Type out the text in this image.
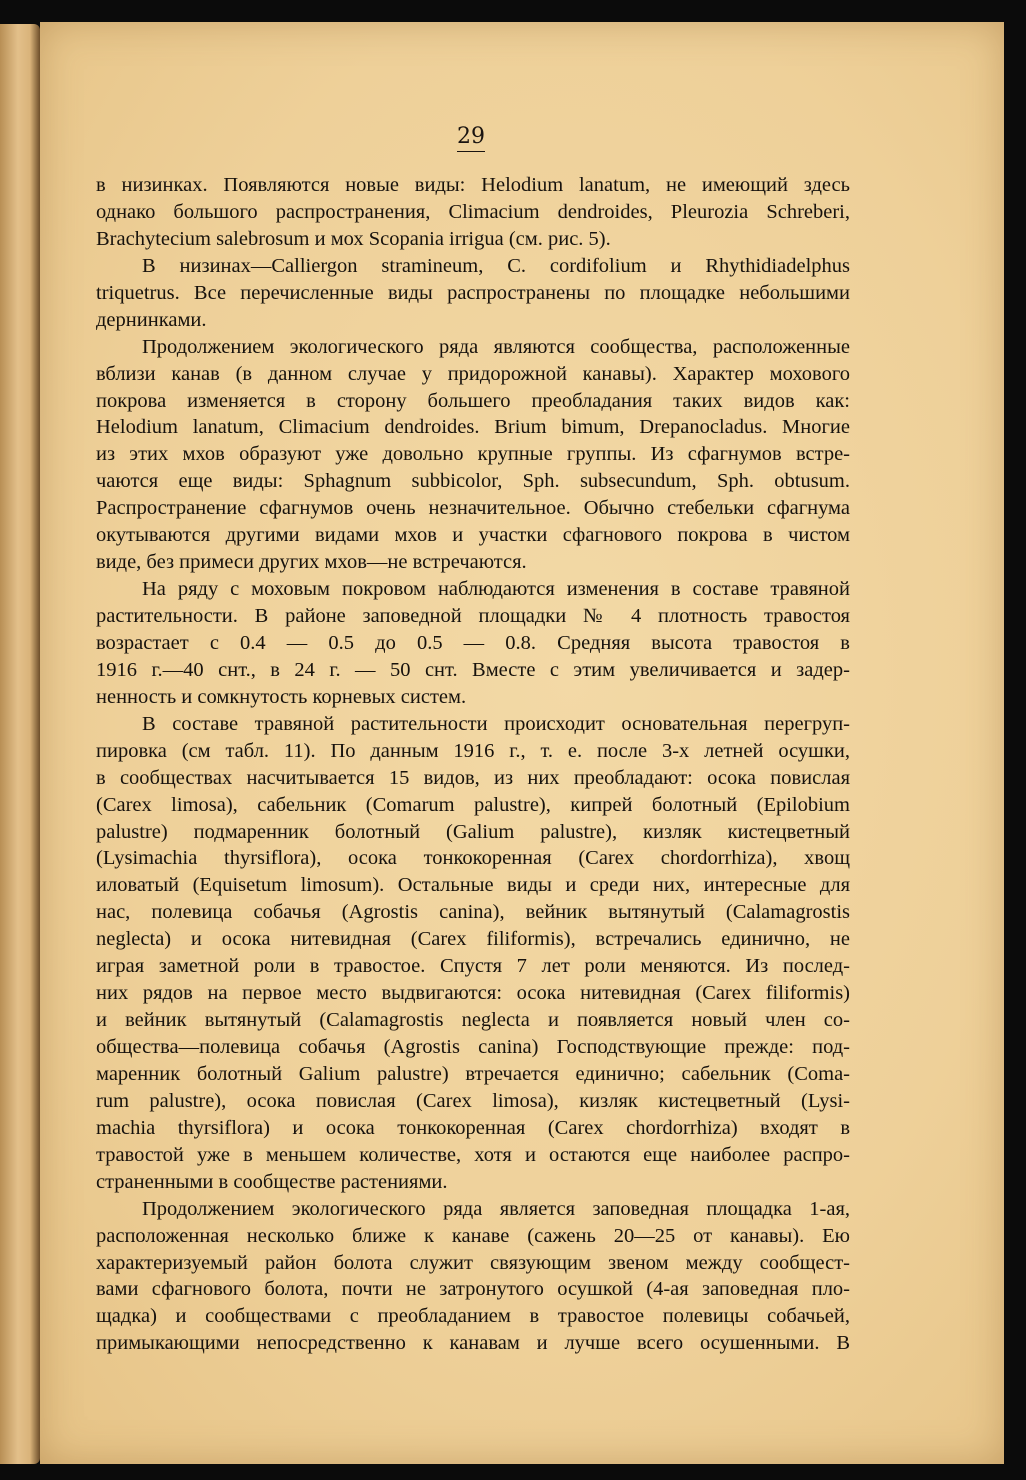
29
в низинках. Появляются новые виды: Helodium lanatum, не имеющий здесь
однако большого распространения, Climacium dendroides, Pleurozia Schreberi,
Brachytecium salebrosum и мох Scopania irrigua (см. рис. 5).
В низинах—Calliergon stramineum, C. cordifolium и Rhythidiadelphus
triquetrus. Все перечисленные виды распространены по площадке небольшими
дернинками.
Продолжением экологического ряда являются сообщества, расположенные
вблизи канав (в данном случае у придорожной канавы). Характер мохового
покрова изменяется в сторону большего преобладания таких видов как:
Helodium lanatum, Climacium dendroides. Brium bimum, Drepanocladus. Многие
из этих мхов образуют уже довольно крупные группы. Из сфагнумов встре-
чаются еще виды: Sphagnum subbicolor, Sph. subsecundum, Sph. obtusum.
Распространение сфагнумов очень незначительное. Обычно стебельки сфагнума
окутываются другими видами мхов и участки сфагнового покрова в чистом
виде, без примеси других мхов—не встречаются.
На ряду с моховым покровом наблюдаются изменения в составе травяной
растительности. В районе заповедной площадки № 4 плотность травостоя
возрастает с 0.4 — 0.5 до 0.5 — 0.8. Средняя высота травостоя в
1916 г.—40 снт., в 24 г. — 50 снт. Вместе с этим увеличивается и задер-
ненность и сомкнутость корневых систем.
В составе травяной растительности происходит основательная перегруп-
пировка (см табл. 11). По данным 1916 г., т. е. после 3-х летней осушки,
в сообществах насчитывается 15 видов, из них преобладают: осока повислая
(Carex limosa), сабельник (Comarum palustre), кипрей болотный (Epilobium
palustre) подмаренник болотный (Galium palustre), кизляк кистецветный
(Lysimachia thyrsiflora), осока тонкокоренная (Carex chordorrhiza), хвощ
иловатый (Equisetum limosum). Остальные виды и среди них, интересные для
нас, полевица собачья (Agrostis canina), вейник вытянутый (Calamagrostis
neglecta) и осока нитевидная (Carex filiformis), встречались единично, не
играя заметной роли в травостое. Спустя 7 лет роли меняются. Из послед-
них рядов на первое место выдвигаются: осока нитевидная (Carex filiformis)
и вейник вытянутый (Calamagrostis neglecta и появляется новый член со-
общества—полевица собачья (Agrostis canina) Господствующие прежде: под-
маренник болотный Galium palustre) втречается единично; сабельник (Coma-
rum palustre), осока повислая (Carex limosa), кизляк кистецветный (Lysi-
machia thyrsiflora) и осока тонкокоренная (Carex chordorrhiza) входят в
травостой уже в меньшем количестве, хотя и остаются еще наиболее распро-
страненными в сообществе растениями.
Продолжением экологического ряда является заповедная площадка 1-ая,
расположенная несколько ближе к канаве (сажень 20—25 от канавы). Ею
характеризуемый район болота служит связующим звеном между сообщест-
вами сфагнового болота, почти не затронутого осушкой (4-ая заповедная пло-
щадка) и сообществами с преобладанием в травостое полевицы собачьей,
примыкающими непосредственно к канавам и лучше всего осушенными. В
